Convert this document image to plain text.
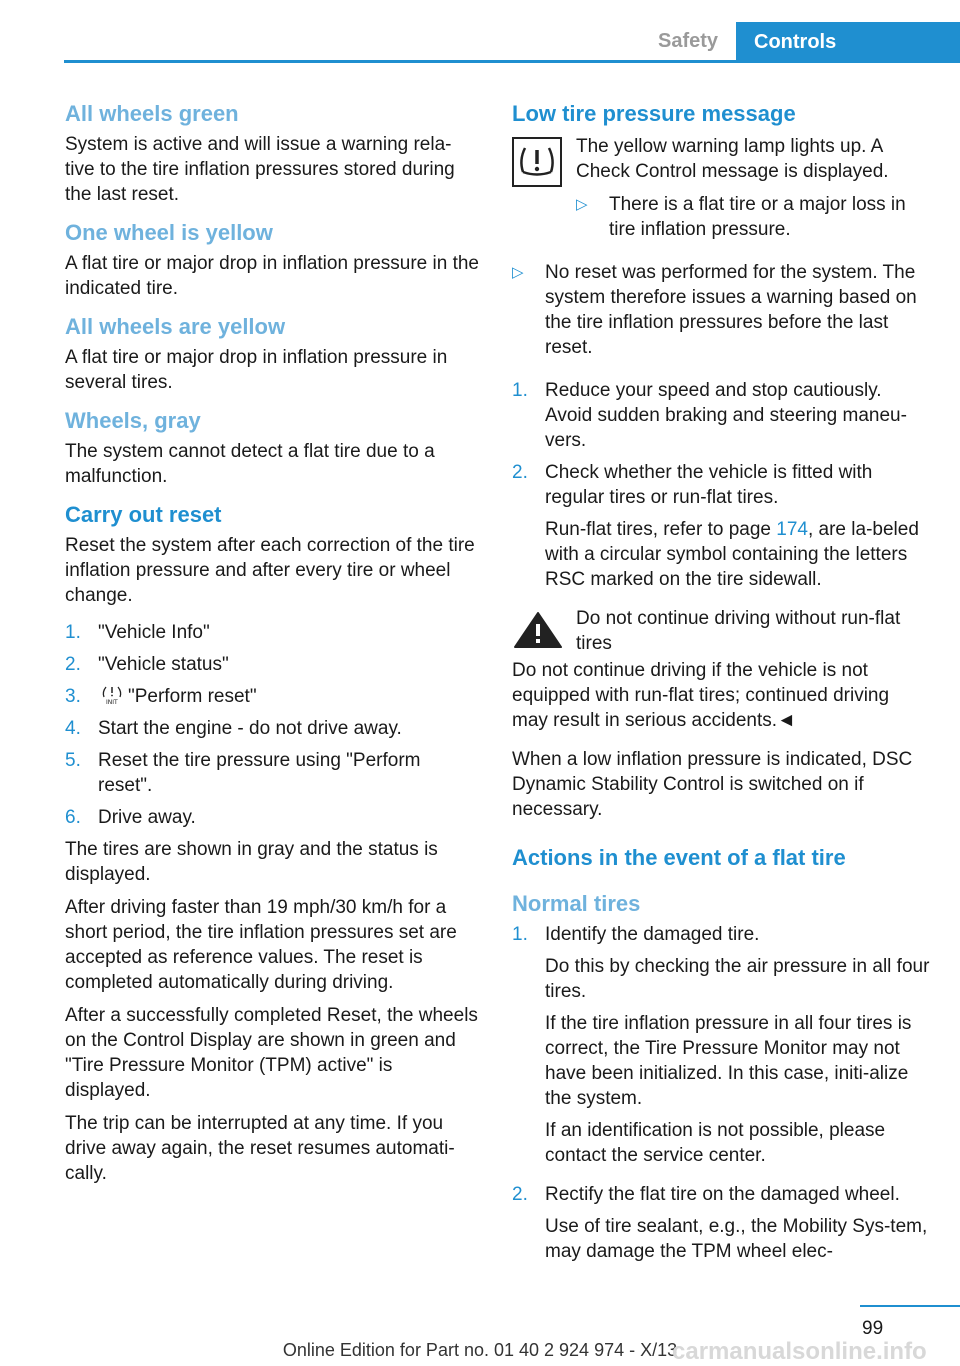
Safety	Controls
All wheels green

System is active and will issue a warning rela-tive to the tire inflation pressures stored during the last reset.

One wheel is yellow

A flat tire or major drop in inflation pressure in the indicated tire.

All wheels are yellow

A flat tire or major drop in inflation pressure in several tires.

Wheels, gray

The system cannot detect a flat tire due to a malfunction.

Carry out reset

Reset the system after each correction of the tire inflation pressure and after every tire or wheel change.

1. "Vehicle Info"
2. "Vehicle status"
3.	INIT "Perform reset"
4. Start the engine - do not drive away.
5. Reset the tire pressure using "Perform reset".
6. Drive away.

The tires are shown in gray and the status is displayed.

After driving faster than 19 mph/30 km/h for a short period, the tire inflation pressures set are accepted as reference values. The reset is completed automatically during driving.

After a successfully completed Reset, the wheels on the Control Display are shown in green and "Tire Pressure Monitor (TPM) active" is displayed.

The trip can be interrupted at any time. If you drive away again, the reset resumes automati-cally.

Low tire pressure message

The yellow warning lamp lights up. A Check Control message is displayed.

▷	There is a flat tire or a major loss in tire inflation pressure.
▷	No reset was performed for the system. The system therefore issues a warning based on the tire inflation pressures before the last reset.
1. Reduce your speed and stop cautiously. Avoid sudden braking and steering maneu-vers.
2. Check whether the vehicle is fitted with regular tires or run-flat tires.

Run-flat tires, refer to page 174, are la-beled with a circular symbol containing the letters RSC marked on the tire sidewall.

Do not continue driving without run-flat tires

Do not continue driving if the vehicle is not equipped with run-flat tires; continued driving may result in serious accidents.◄

When a low inflation pressure is indicated, DSC Dynamic Stability Control is switched on if necessary.

Actions in the event of a flat tire
Normal tires
1. Identify the damaged tire.

Do this by checking the air pressure in all four tires.

If the tire inflation pressure in all four tires is correct, the Tire Pressure Monitor may not have been initialized. In this case, initi-alize the system.

If an identification is not possible, please contact the service center.

2. Rectify the flat tire on the damaged wheel.

Use of tire sealant, e.g., the Mobility Sys-tem, may damage the TPM wheel elec-

99
Online Edition for Part no. 01 40 2 924 974 - X/13
carmanualsonline.info
